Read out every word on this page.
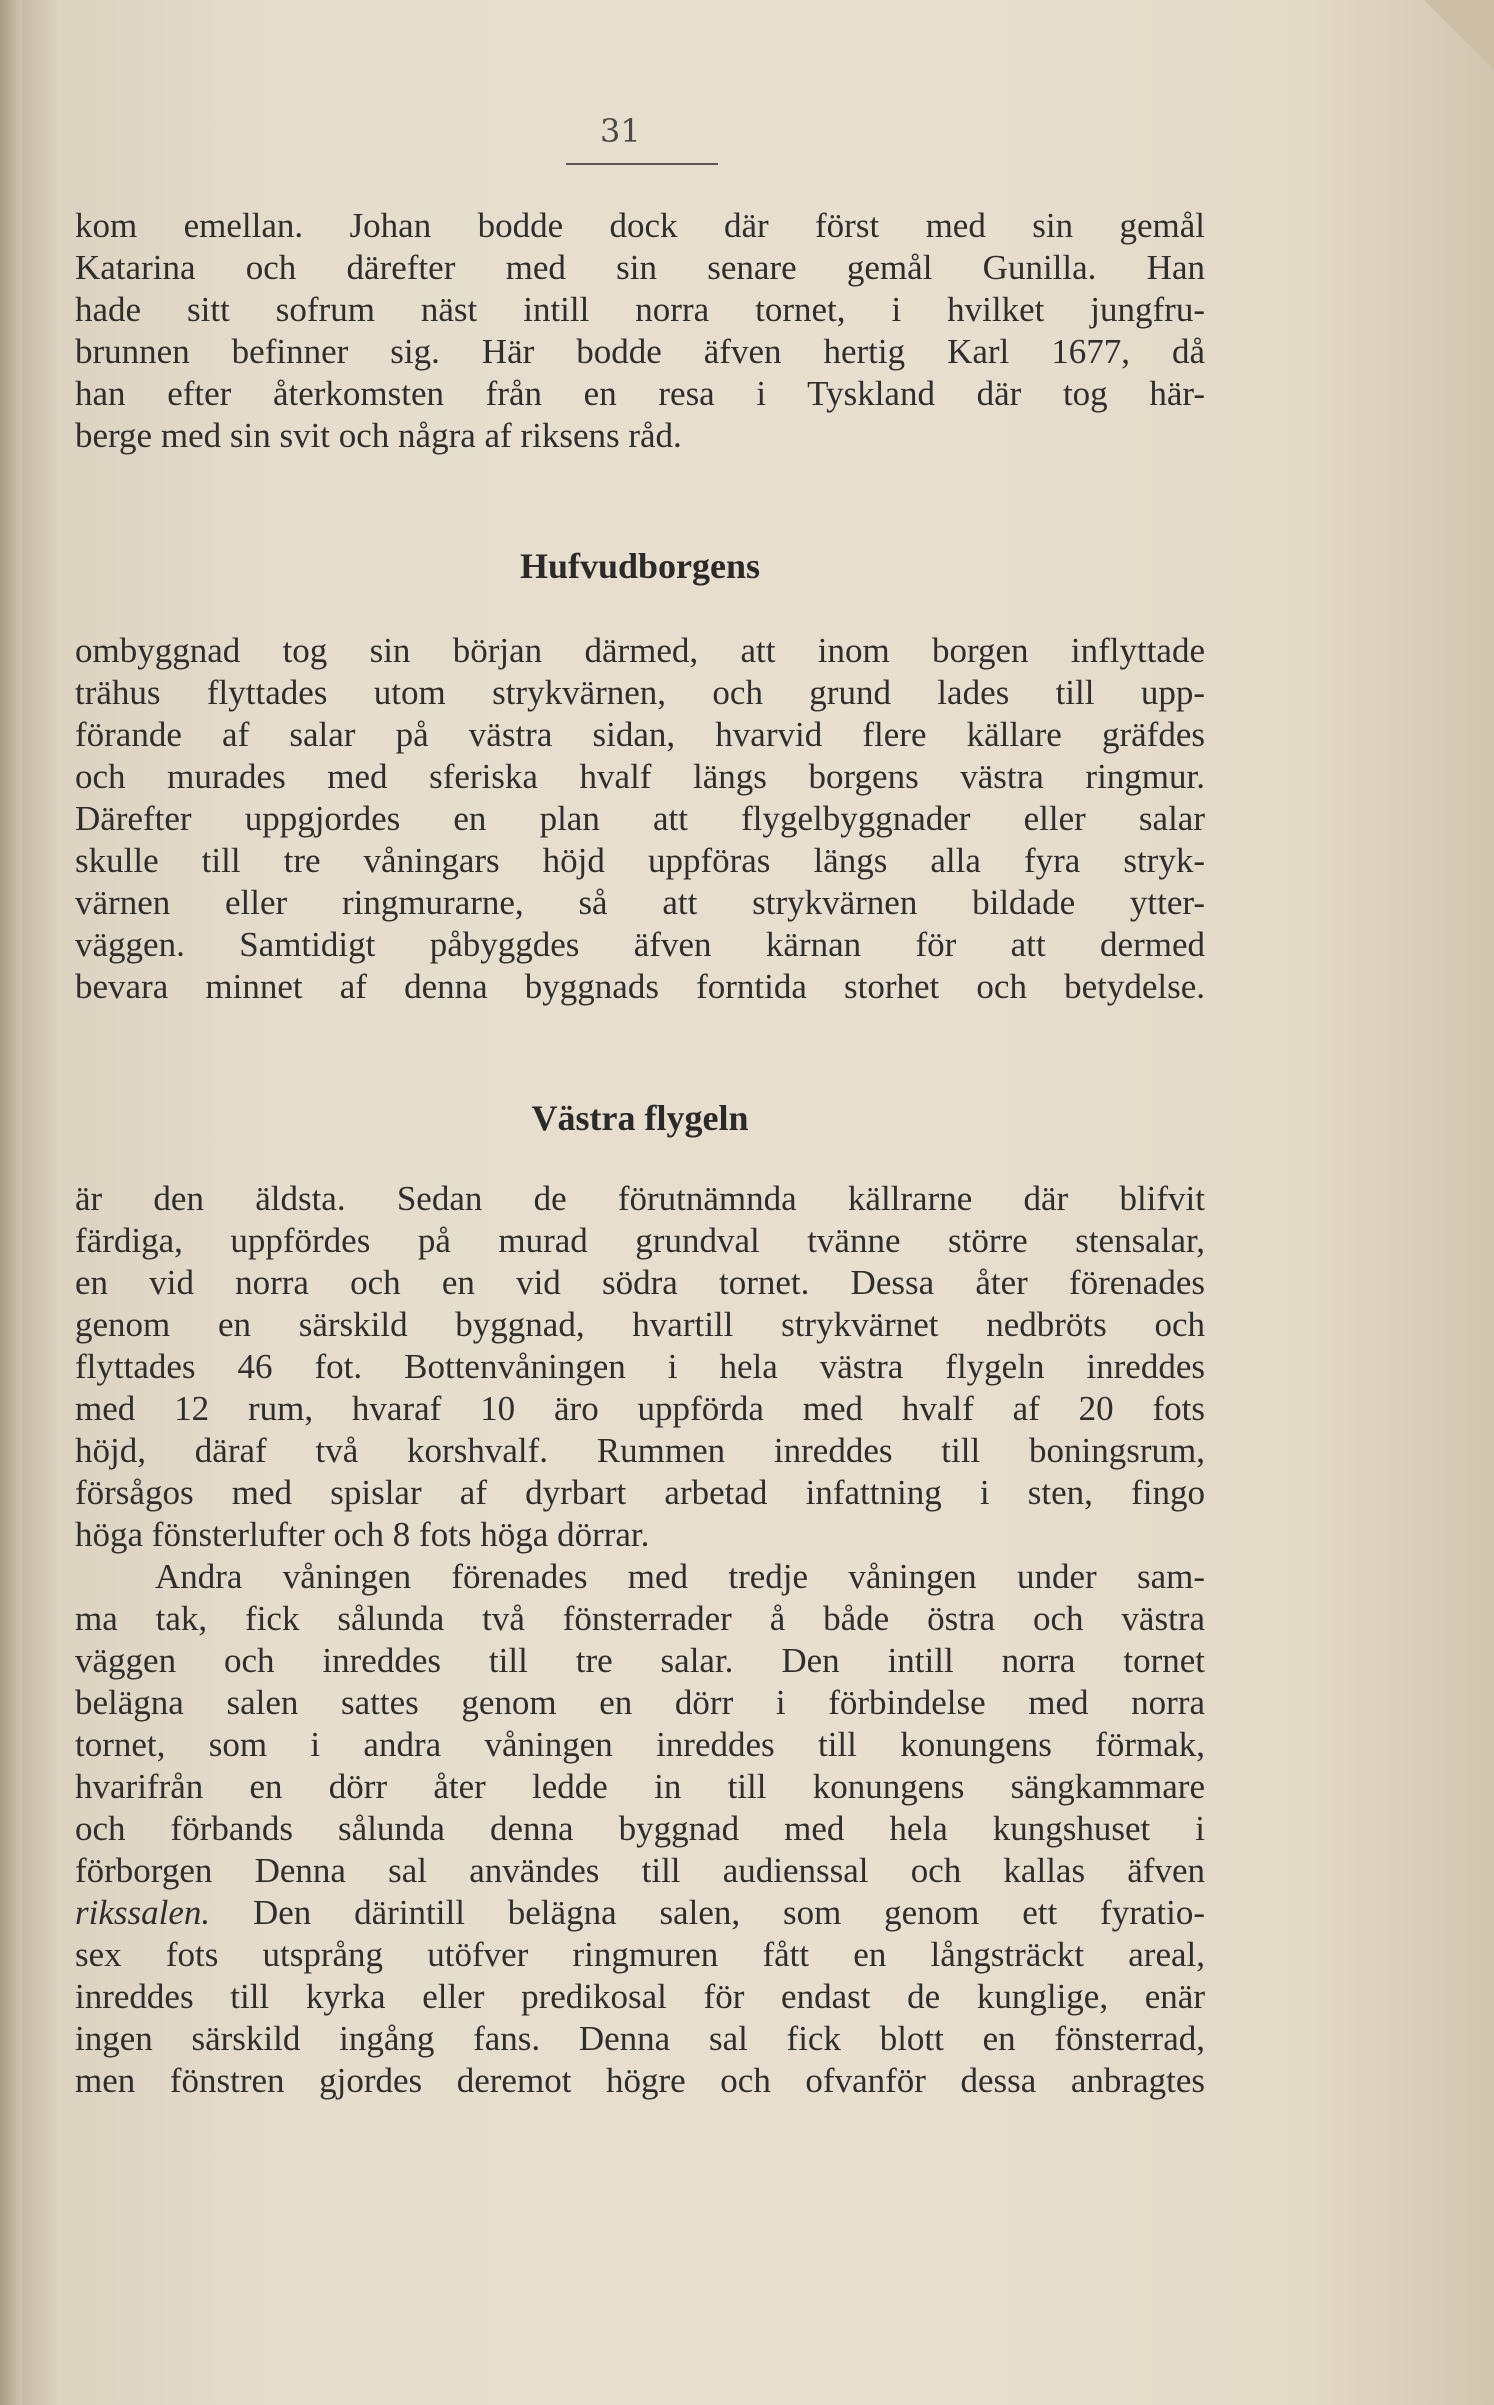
31
kom emellan. Johan bodde dock där först med sin gemål
Katarina och därefter med sin senare gemål Gunilla. Han
hade sitt sofrum näst intill norra tornet, i hvilket jungfru-
brunnen befinner sig. Här bodde äfven hertig Karl 1677, då
han efter återkomsten från en resa i Tyskland där tog här-
berge med sin svit och några af riksens råd.
Hufvudborgens
ombyggnad tog sin början därmed, att inom borgen inflyttade
trähus flyttades utom strykvärnen, och grund lades till upp-
förande af salar på västra sidan, hvarvid flere källare gräfdes
och murades med sferiska hvalf längs borgens västra ringmur.
Därefter uppgjordes en plan att flygelbyggnader eller salar
skulle till tre våningars höjd uppföras längs alla fyra stryk-
värnen eller ringmurarne, så att strykvärnen bildade ytter-
väggen. Samtidigt påbyggdes äfven kärnan för att dermed
bevara minnet af denna byggnads forntida storhet och betydelse.
Västra flygeln
är den äldsta. Sedan de förutnämnda källrarne där blifvit
färdiga, uppfördes på murad grundval tvänne större stensalar,
en vid norra och en vid södra tornet. Dessa åter förenades
genom en särskild byggnad, hvartill strykvärnet nedbröts och
flyttades 46 fot. Bottenvåningen i hela västra flygeln inreddes
med 12 rum, hvaraf 10 äro uppförda med hvalf af 20 fots
höjd, däraf två korshvalf. Rummen inreddes till boningsrum,
försågos med spislar af dyrbart arbetad infattning i sten, fingo
höga fönsterlufter och 8 fots höga dörrar.
Andra våningen förenades med tredje våningen under sam-
ma tak, fick sålunda två fönsterrader å både östra och västra
väggen och inreddes till tre salar. Den intill norra tornet
belägna salen sattes genom en dörr i förbindelse med norra
tornet, som i andra våningen inreddes till konungens förmak,
hvarifrån en dörr åter ledde in till konungens sängkammare
och förbands sålunda denna byggnad med hela kungshuset i
förborgen Denna sal användes till audienssal och kallas äfven
rikssalen. Den därintill belägna salen, som genom ett fyratio-
sex fots utsprång utöfver ringmuren fått en långsträckt areal,
inreddes till kyrka eller predikosal för endast de kunglige, enär
ingen särskild ingång fans. Denna sal fick blott en fönsterrad,
men fönstren gjordes deremot högre och ofvanför dessa anbragtes
